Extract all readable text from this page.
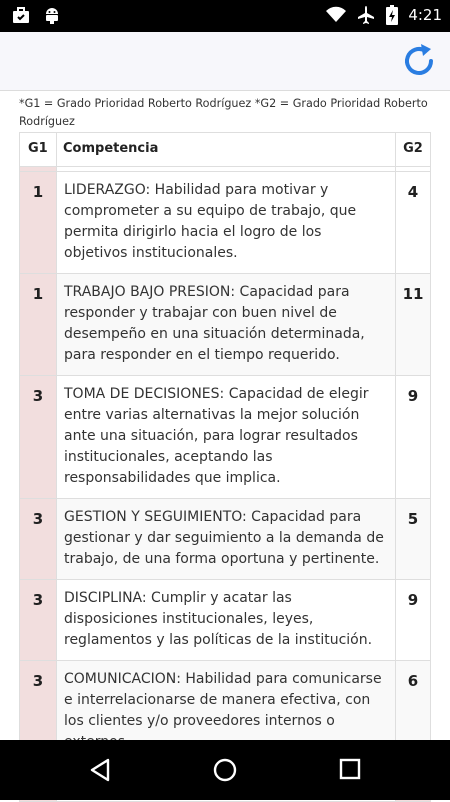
4:21
*G1 = Grado Prioridad Roberto Rodríguez *G2 = Grado Prioridad Roberto Rodríguez
G1	Competencia	G2

1	LIDERAZGO: Habilidad para motivar y comprometer a su equipo de trabajo, que permita dirigirlo hacia el logro de los objetivos institucionales.	4
1	TRABAJO BAJO PRESION: Capacidad para responder y trabajar con buen nivel de desempeño en una situación determinada, para responder en el tiempo requerido.	11
3	TOMA DE DECISIONES: Capacidad de elegir entre varias alternativas la mejor solución ante una situación, para lograr resultados institucionales, aceptando las responsabilidades que implica.	9
3	GESTION Y SEGUIMIENTO: Capacidad para gestionar y dar seguimiento a la demanda de trabajo, de una forma oportuna y pertinente.	5
3	DISCIPLINA: Cumplir y acatar las disposiciones institucionales, leyes, reglamentos y las políticas de la institución.	9
3	COMUNICACION: Habilidad para comunicarse e interrelacionarse de manera efectiva, con los clientes y/o proveedores internos o	6
